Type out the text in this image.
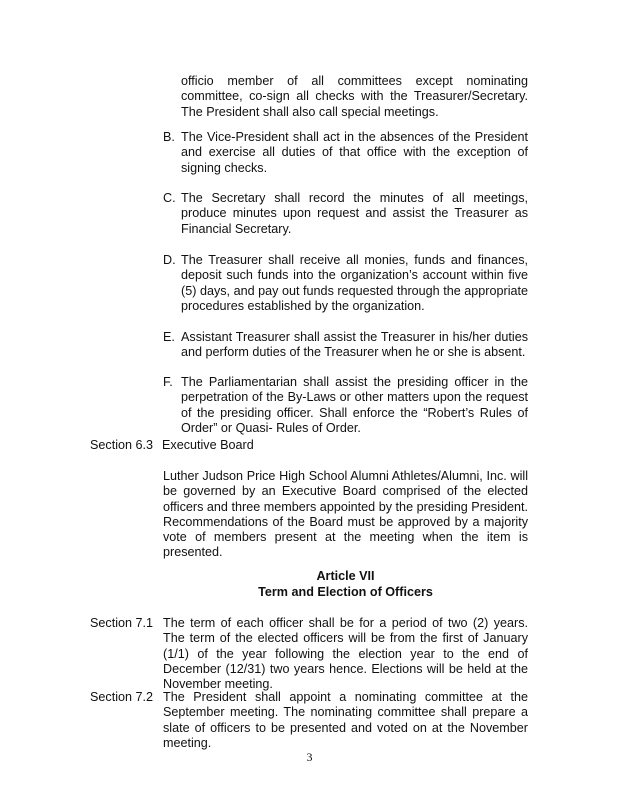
officio member of all committees except nominating committee, co-sign all checks with the Treasurer/Secretary. The President shall also call special meetings.

B. The Vice-President shall act in the absences of the President and exercise all duties of that office with the exception of signing checks.
C. The Secretary shall record the minutes of all meetings, produce minutes upon request and assist the Treasurer as Financial Secretary.
D. The Treasurer shall receive all monies, funds and finances, deposit such funds into the organization’s account within five (5) days, and pay out funds requested through the appropriate procedures established by the organization.
E. Assistant Treasurer shall assist the Treasurer in his/her duties and perform duties of the Treasurer when he or she is absent.
F. The Parliamentarian shall assist the presiding officer in the perpetration of the By-Laws or other matters upon the request of the presiding officer. Shall enforce the “Robert’s Rules of Order” or Quasi- Rules of Order.
Section 6.3 Executive Board

Luther Judson Price High School Alumni Athletes/Alumni, Inc. will be governed by an Executive Board comprised of the elected officers and three members appointed by the presiding President. Recommendations of the Board must be approved by a majority vote of members present at the meeting when the item is presented.

Article VII
Term and Election of Officers
Section 7.1 The term of each officer shall be for a period of two (2) years. The term of the elected officers will be from the first of January (1/1) of the year following the election year to the end of December (12/31) two years hence. Elections will be held at the November meeting.

Section 7.2 The President shall appoint a nominating committee at the September meeting. The nominating committee shall prepare a slate of officers to be presented and voted on at the November meeting.

3
